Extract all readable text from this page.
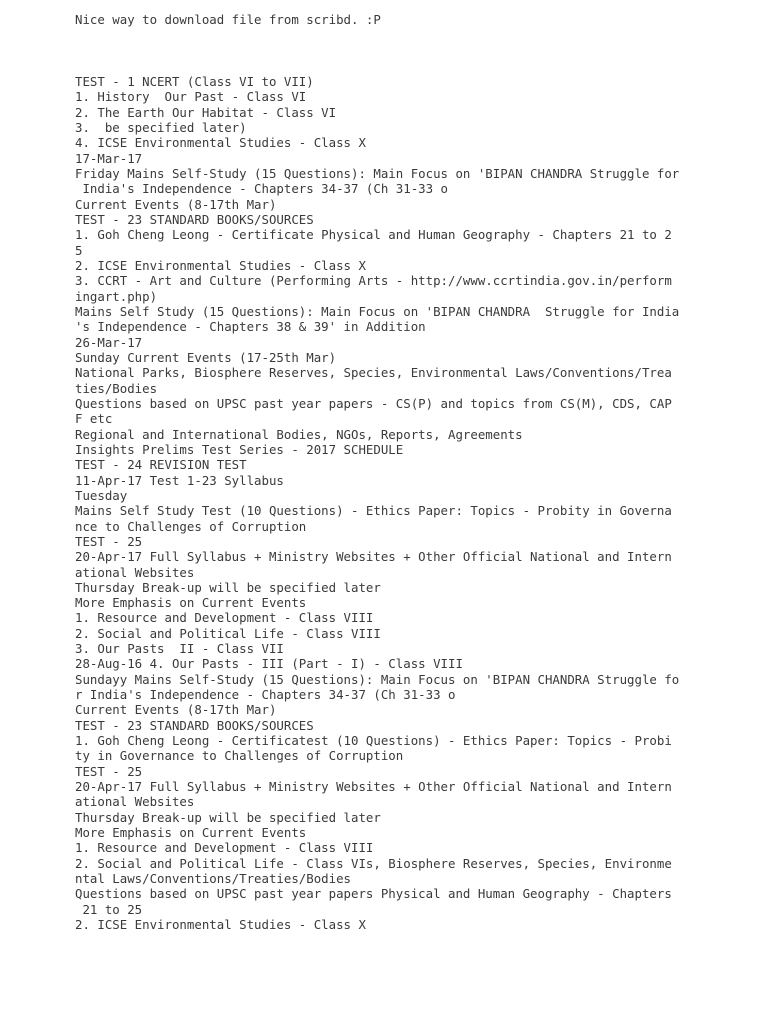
Nice way to download file from scribd. :P
TEST - 1 NCERT (Class VI to VII)
1. History  Our Past - Class VI
2. The Earth Our Habitat - Class VI
3.  be specified later)
4. ICSE Environmental Studies - Class X
17-Mar-17
Friday Mains Self-Study (15 Questions): Main Focus on 'BIPAN CHANDRA Struggle for
India's Independence - Chapters 34-37 (Ch 31-33 o
Current Events (8-17th Mar)
TEST - 23 STANDARD BOOKS/SOURCES
1. Goh Cheng Leong - Certificate Physical and Human Geography - Chapters 21 to 2
5
2. ICSE Environmental Studies - Class X
3. CCRT - Art and Culture (Performing Arts - http://www.ccrtindia.gov.in/perform
ingart.php)
Mains Self Study (15 Questions): Main Focus on 'BIPAN CHANDRA  Struggle for India
's Independence - Chapters 38 & 39' in Addition
26-Mar-17
Sunday Current Events (17-25th Mar)
National Parks, Biosphere Reserves, Species, Environmental Laws/Conventions/Trea
ties/Bodies
Questions based on UPSC past year papers - CS(P) and topics from CS(M), CDS, CAP
F etc
Regional and International Bodies, NGOs, Reports, Agreements
Insights Prelims Test Series - 2017 SCHEDULE
TEST - 24 REVISION TEST
11-Apr-17 Test 1-23 Syllabus
Tuesday
Mains Self Study Test (10 Questions) - Ethics Paper: Topics - Probity in Governa
nce to Challenges of Corruption
TEST - 25
20-Apr-17 Full Syllabus + Ministry Websites + Other Official National and Intern
ational Websites
Thursday Break-up will be specified later
More Emphasis on Current Events
1. Resource and Development - Class VIII
2. Social and Political Life - Class VIII
3. Our Pasts  II - Class VII
28-Aug-16 4. Our Pasts - III (Part - I) - Class VIII
Sundayy Mains Self-Study (15 Questions): Main Focus on 'BIPAN CHANDRA Struggle fo
r India's Independence - Chapters 34-37 (Ch 31-33 o
Current Events (8-17th Mar)
TEST - 23 STANDARD BOOKS/SOURCES
1. Goh Cheng Leong - Certificatest (10 Questions) - Ethics Paper: Topics - Probi
ty in Governance to Challenges of Corruption
TEST - 25
20-Apr-17 Full Syllabus + Ministry Websites + Other Official National and Intern
ational Websites
Thursday Break-up will be specified later
More Emphasis on Current Events
1. Resource and Development - Class VIII
2. Social and Political Life - Class VIs, Biosphere Reserves, Species, Environme
ntal Laws/Conventions/Treaties/Bodies
Questions based on UPSC past year papers Physical and Human Geography - Chapters
21 to 25
2. ICSE Environmental Studies - Class X
